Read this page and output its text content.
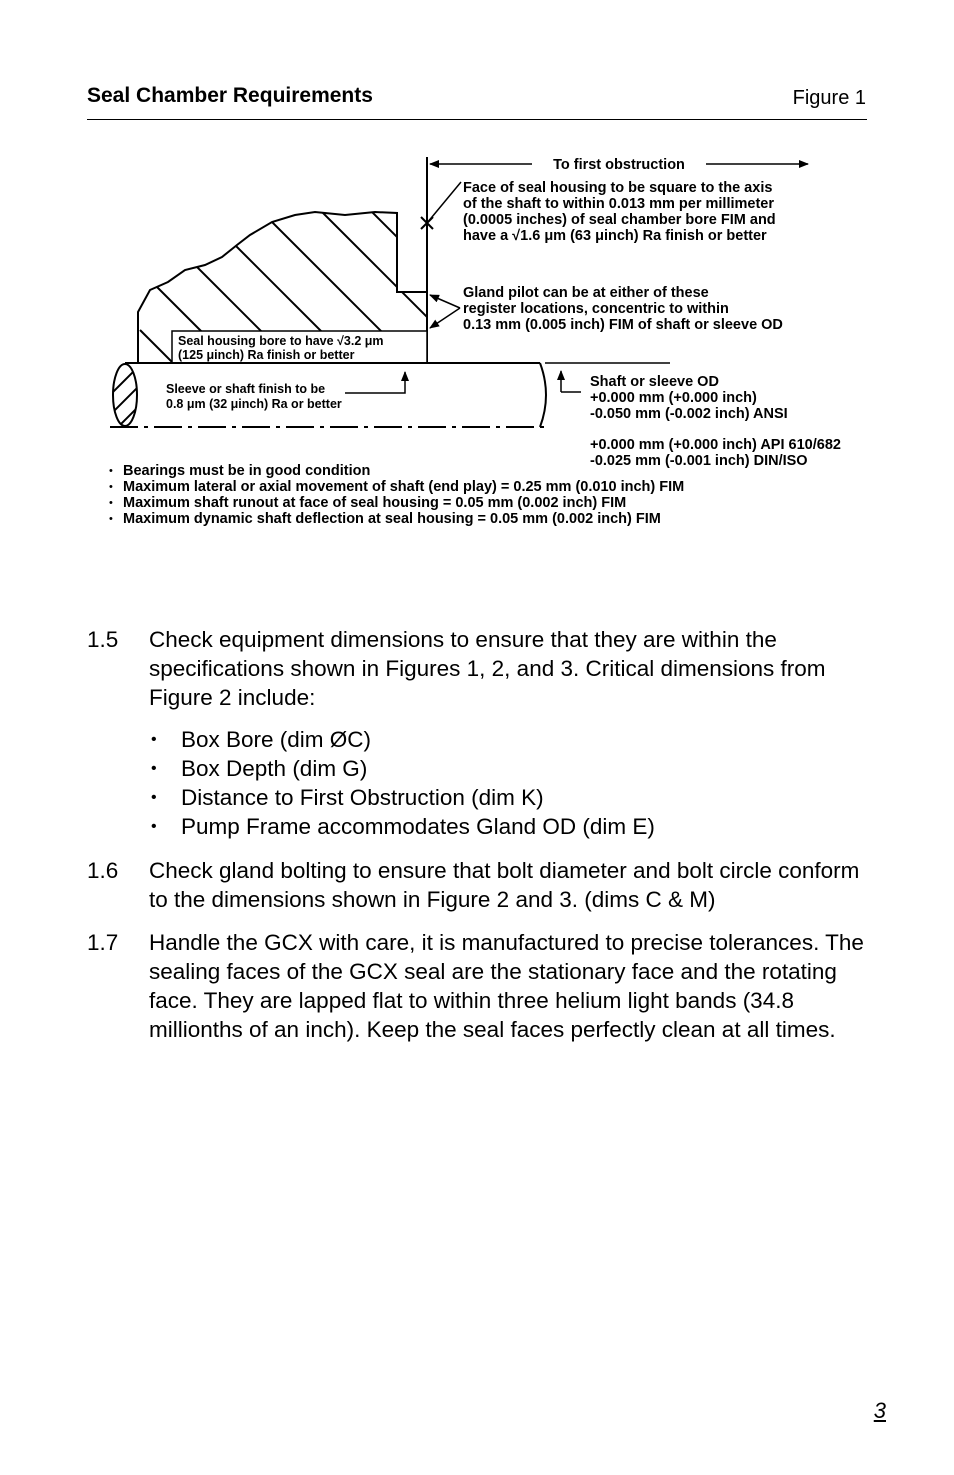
Seal Chamber Requirements	Figure 1
Seal housing bore to have √3.2 μm
(125 μinch) Ra finish or better
Sleeve or shaft finish to be
0.8 μm (32 μinch) Ra or better
To first obstruction
Face of seal housing to be square to the axis
of the shaft to within 0.013 mm per millimeter
(0.0005 inches) of seal chamber bore FIM and
have a √1.6 μm (63 μinch) Ra finish or better
Gland pilot can be at either of these
register locations, concentric to within
0.13 mm (0.005 inch) FIM of shaft or sleeve OD
Shaft or sleeve OD
+0.000 mm (+0.000 inch)
-0.050 mm (-0.002 inch) ANSI
+0.000 mm (+0.000 inch) API 610/682
-0.025 mm (-0.001 inch) DIN/ISO
• Bearings must be in good condition
• Maximum lateral or axial movement of shaft (end play) = 0.25 mm (0.010 inch) FIM
• Maximum shaft runout at face of seal housing = 0.05 mm (0.002 inch) FIM
• Maximum dynamic shaft deflection at seal housing = 0.05 mm (0.002 inch) FIM
1.5 Check equipment dimensions to ensure that they are within the specifications shown in Figures 1, 2, and 3. Critical dimensions from Figure 2 include:
• Box Bore (dim ØC)
• Box Depth (dim G)
• Distance to First Obstruction (dim K)
• Pump Frame accommodates Gland OD (dim E)
1.6 Check gland bolting to ensure that bolt diameter and bolt circle conform to the dimensions shown in Figure 2 and 3. (dims C & M)
1.7 Handle the GCX with care, it is manufactured to precise tolerances. The sealing faces of the GCX seal are the stationary face and the rotating face. They are lapped flat to within three helium light bands (34.8 millionths of an inch). Keep the seal faces perfectly clean at all times.
3
